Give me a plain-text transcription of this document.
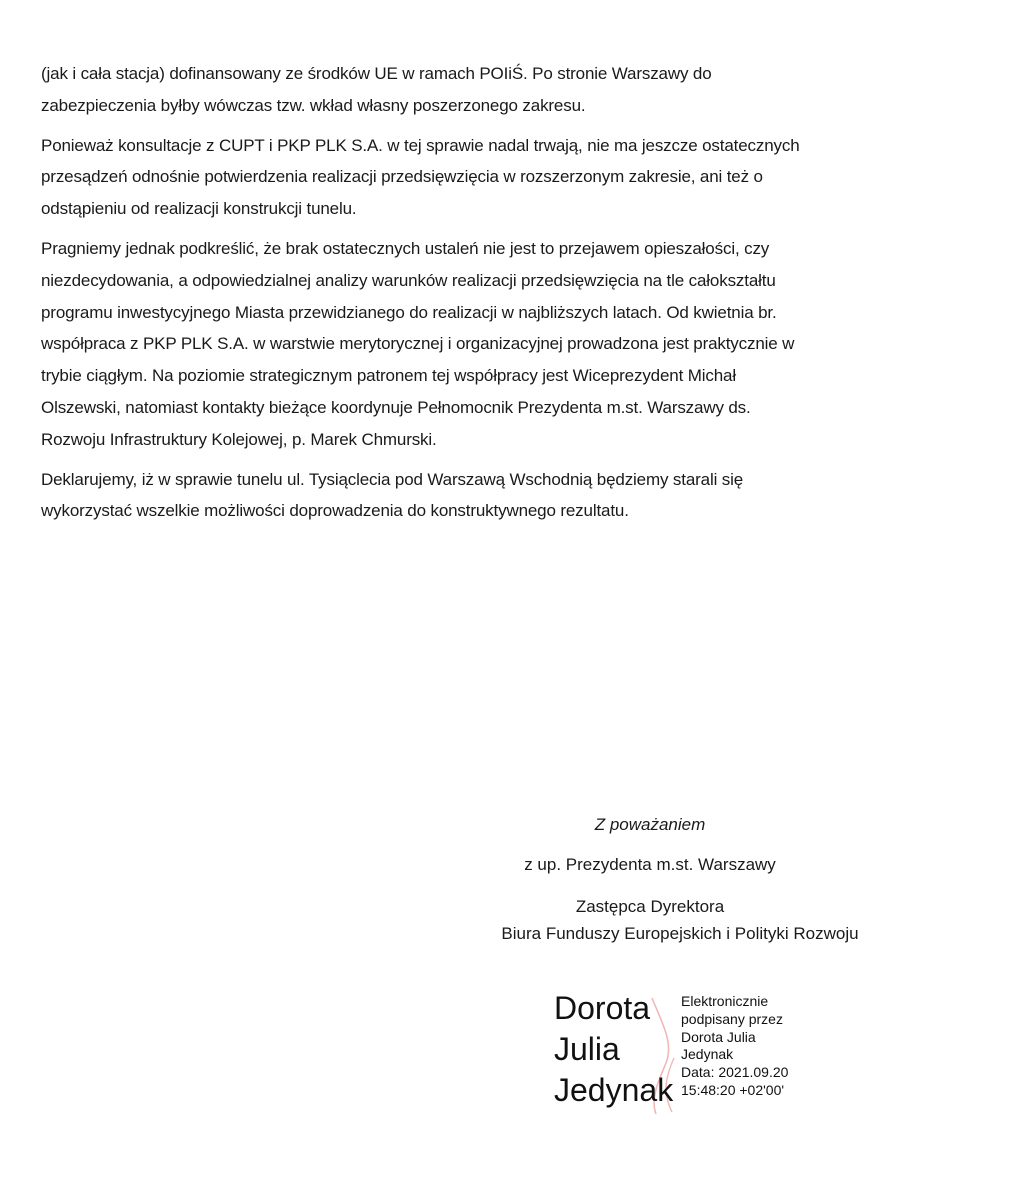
(jak i cała stacja) dofinansowany ze środków UE w ramach POIiŚ. Po stronie Warszawy do
zabezpieczenia byłby wówczas tzw. wkład własny poszerzonego zakresu.

Ponieważ konsultacje z CUPT i PKP PLK S.A. w tej sprawie nadal trwają, nie ma jeszcze ostatecznych
przesądzeń odnośnie potwierdzenia realizacji przedsięwzięcia w rozszerzonym zakresie, ani też o
odstąpieniu od realizacji konstrukcji tunelu.

Pragniemy jednak podkreślić, że brak ostatecznych ustaleń nie jest to przejawem opieszałości, czy
niezdecydowania, a odpowiedzialnej analizy warunków realizacji przedsięwzięcia na tle całokształtu
programu inwestycyjnego Miasta przewidzianego do realizacji w najbliższych latach. Od kwietnia br.
współpraca z PKP PLK S.A. w warstwie merytorycznej i organizacyjnej prowadzona jest praktycznie w
trybie ciągłym. Na poziomie strategicznym patronem tej współpracy jest Wiceprezydent Michał
Olszewski, natomiast kontakty bieżące koordynuje Pełnomocnik Prezydenta m.st. Warszawy ds.
Rozwoju Infrastruktury Kolejowej, p. Marek Chmurski.

Deklarujemy, iż w sprawie tunelu ul. Tysiąclecia pod Warszawą Wschodnią będziemy starali się
wykorzystać wszelkie możliwości doprowadzenia do konstruktywnego rezultatu.

Z poważaniem

z up. Prezydenta m.st. Warszawy

Zastępca Dyrektora

Biura Funduszy Europejskich i Polityki Rozwoju

Dorota
Julia
Jedynak
Elektronicznie
podpisany przez
Dorota Julia
Jedynak
Data: 2021.09.20
15:48:20 +02'00'
